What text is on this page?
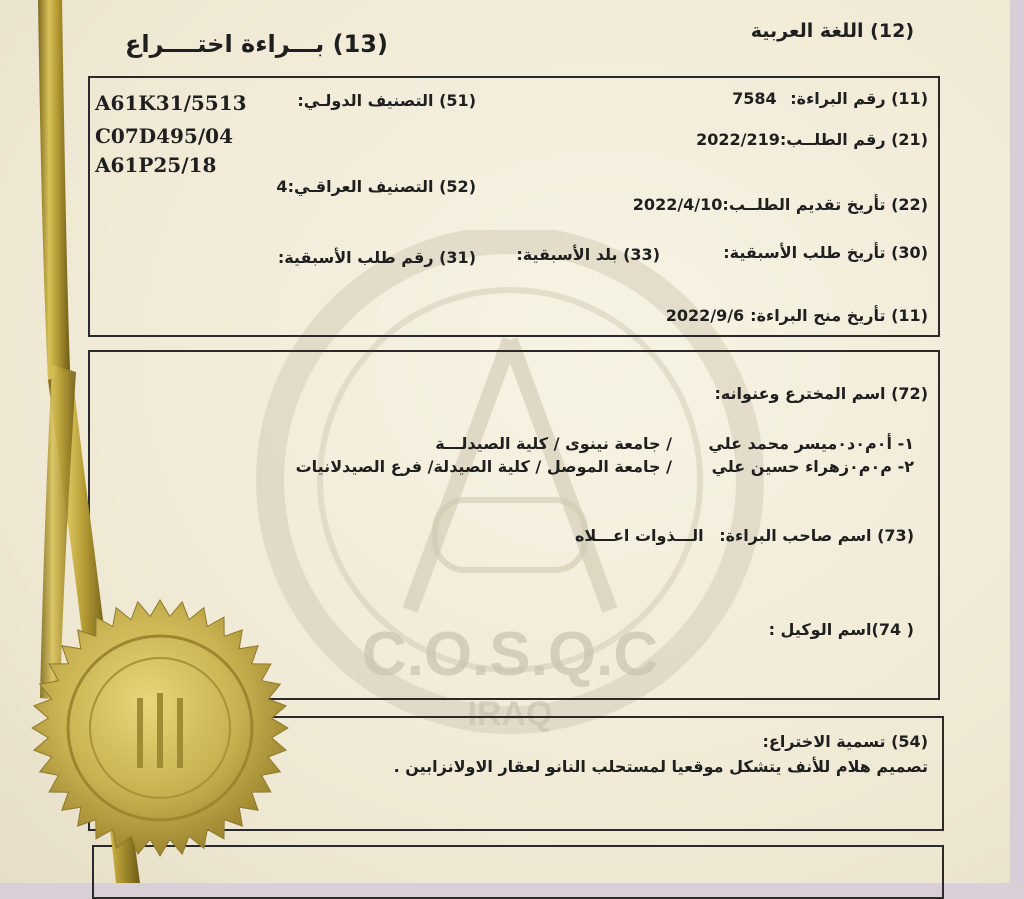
C.O.S.Q.C
IRAQ
(12) اللغة العربية
(13) بـــراءة اختــــراع
(11) رقم البراءة: 7584
(51) التصنيف الدولـي:
A61K31/5513
C07D495/04
A61P25/18
(21) رقم الطلــب:2022/219
(52) التصنيف العراقـي:4
(22) تأريخ تقديم الطلــب:2022/4/10
(30) تأريخ طلب الأسبقية:
(33) بلد الأسبقية:
(31) رقم طلب الأسبقية:
(11) تأريخ منح البراءة:2022/9/6
(72) اسم المخترع وعنوانه:
١- أ٠م٠د٠ميسر محمد علي
/ جامعة نينوى / كلية الصيدلـــة
٢- م٠م٠زهراء حسين علي
/ جامعة الموصل / كلية الصيدلة/ فرع الصيدلانيات
(73) اسم صاحب البراءة: الـــذوات اعـــلاه
( 74)اسم الوكيل :
(54) تسمية الاختراع:
تصميم هلام للأنف يتشكل موقعيا لمستحلب النانو لعقار الاولانزابين .
